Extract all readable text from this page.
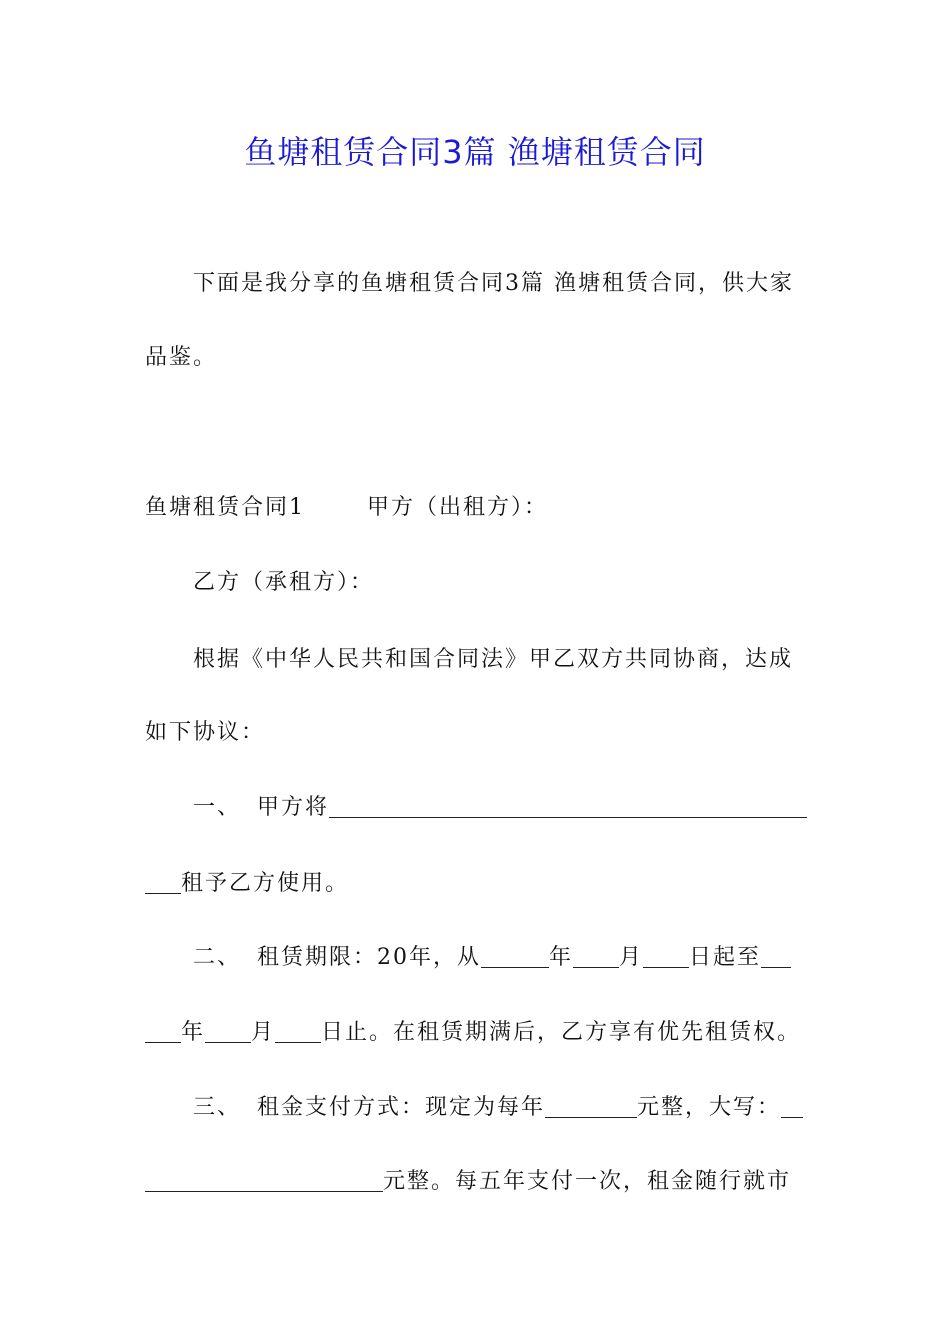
鱼塘租赁合同3篇 渔塘租赁合同
下面是我分享的鱼塘租赁合同3篇 渔塘租赁合同，供大家
品鉴。
鱼塘租赁合同1	甲方（出租方）：
乙方（承租方）：
根据《中华人民共和国合同法》甲乙双方共同协商，达成
如下协议：
一、 甲方将
租予乙方使用。
二、 租赁期限：20年，从	年 月 日起至
年 月 日止。在租赁期满后，乙方享有优先租赁权。
三、 租金支付方式：现定为每年	元整，大写：
元整。每五年支付一次，租金随行就市
